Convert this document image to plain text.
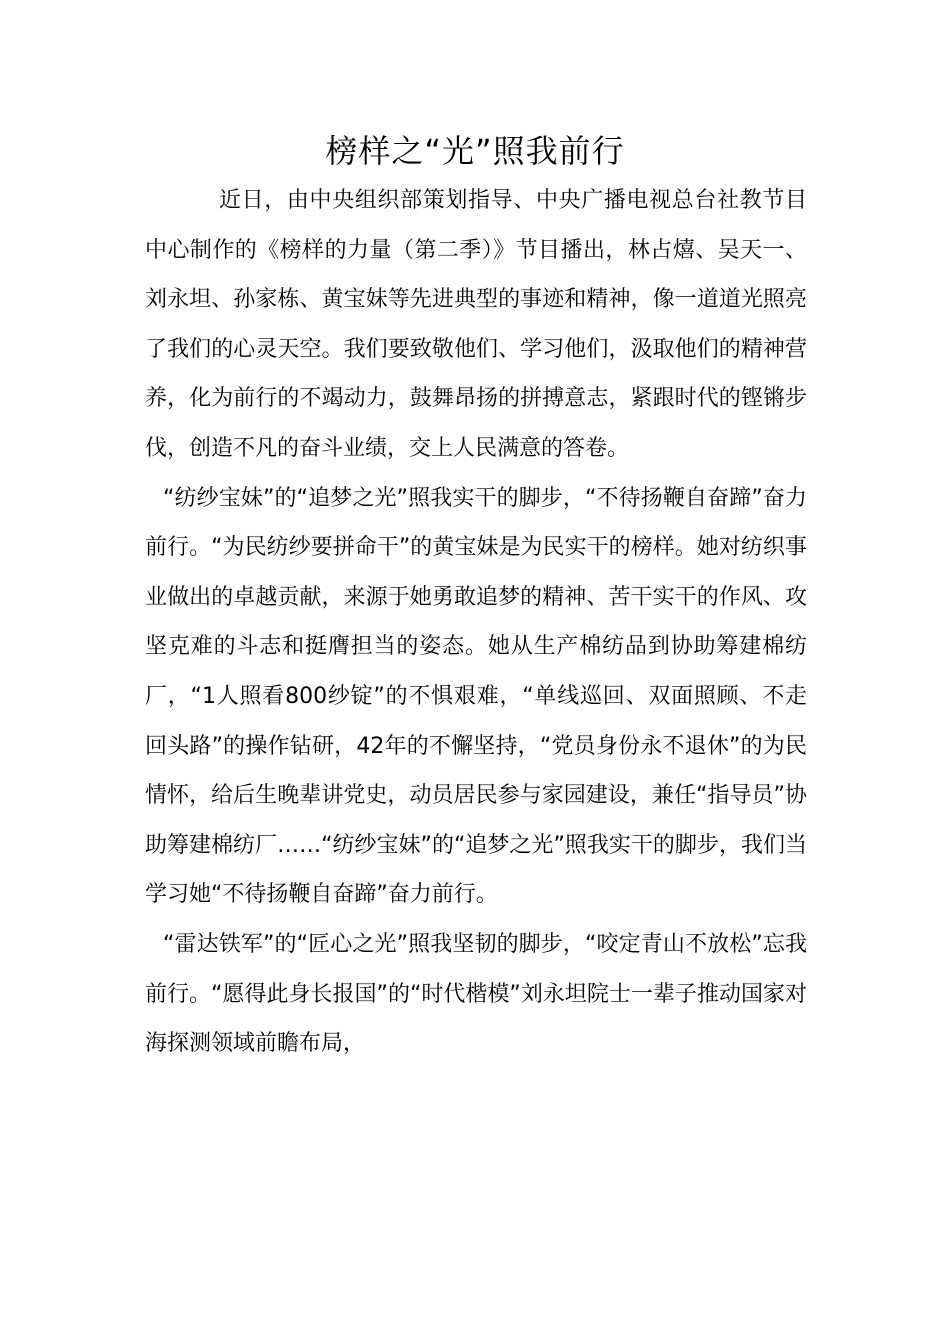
榜样之“光”照我前行

近日，由中央组织部策划指导、中央广播电视总台社教节目中心制作的《榜样的力量（第二季）》节目播出，林占熺、吴天一、刘永坦、孙家栋、黄宝妹等先进典型的事迹和精神，像一道道光照亮了我们的心灵天空。我们要致敬他们、学习他们，汲取他们的精神营养，化为前行的不竭动力，鼓舞昂扬的拼搏意志，紧跟时代的铿锵步伐，创造不凡的奋斗业绩，交上人民满意的答卷。

“纺纱宝妹”的“追梦之光”照我实干的脚步，“不待扬鞭自奋蹄”奋力前行。“为民纺纱要拼命干”的黄宝妹是为民实干的榜样。她对纺织事业做出的卓越贡献，来源于她勇敢追梦的精神、苦干实干的作风、攻坚克难的斗志和挺膺担当的姿态。她从生产棉纺品到协助筹建棉纺厂，“1人照看800纱锭”的不惧艰难，“单线巡回、双面照顾、不走回头路”的操作钻研，42年的不懈坚持，“党员身份永不退休”的为民情怀，给后生晚辈讲党史，动员居民参与家园建设，兼任“指导员”协助筹建棉纺厂……“纺纱宝妹”的“追梦之光”照我实干的脚步，我们当学习她“不待扬鞭自奋蹄”奋力前行。

“雷达铁军”的“匠心之光”照我坚韧的脚步，“咬定青山不放松”忘我前行。“愿得此身长报国”的“时代楷模”刘永坦院士一辈子推动国家对海探测领域前瞻布局，
